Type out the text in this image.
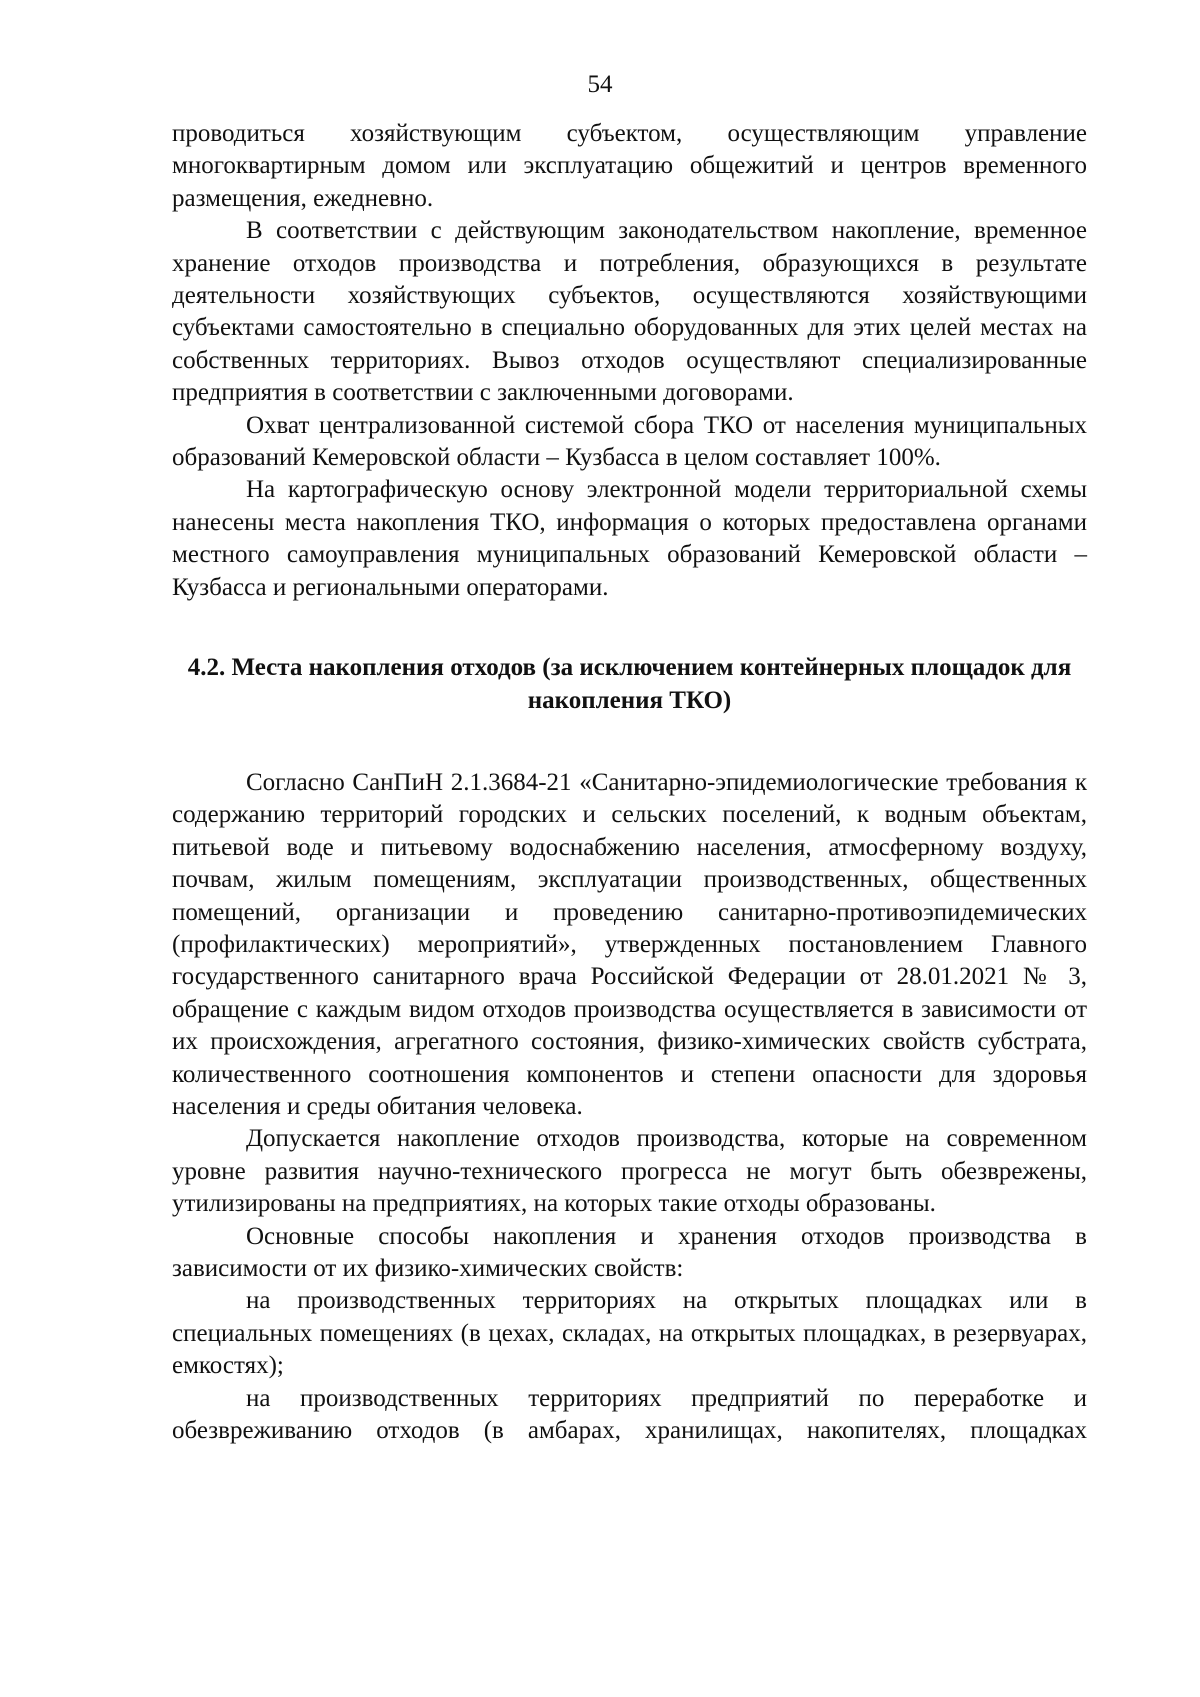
54

проводиться хозяйствующим субъектом, осуществляющим управление многоквартирным домом или эксплуатацию общежитий и центров временного размещения, ежедневно.

В соответствии с действующим законодательством накопление, временное хранение отходов производства и потребления, образующихся в результате деятельности хозяйствующих субъектов, осуществляются хозяйствующими субъектами самостоятельно в специально оборудованных для этих целей местах на собственных территориях. Вывоз отходов осуществляют специализированные предприятия в соответствии с заключенными договорами.

Охват централизованной системой сбора ТКО от населения муниципальных образований Кемеровской области – Кузбасса в целом составляет 100%.

На картографическую основу электронной модели территориальной схемы нанесены места накопления ТКО, информация о которых предоставлена органами местного самоуправления муниципальных образований Кемеровской области – Кузбасса и региональными операторами.

4.2. Места накопления отходов (за исключением контейнерных площадок для накопления ТКО)

Согласно СанПиН 2.1.3684-21 «Санитарно-эпидемиологические требования к содержанию территорий городских и сельских поселений, к водным объектам, питьевой воде и питьевому водоснабжению населения, атмосферному воздуху, почвам, жилым помещениям, эксплуатации производственных, общественных помещений, организации и проведению санитарно-противоэпидемических (профилактических) мероприятий», утвержденных постановлением Главного государственного санитарного врача Российской Федерации от 28.01.2021 № 3, обращение с каждым видом отходов производства осуществляется в зависимости от их происхождения, агрегатного состояния, физико-химических свойств субстрата, количественного соотношения компонентов и степени опасности для здоровья населения и среды обитания человека.

Допускается накопление отходов производства, которые на современном уровне развития научно-технического прогресса не могут быть обезврежены, утилизированы на предприятиях, на которых такие отходы образованы.

Основные способы накопления и хранения отходов производства в зависимости от их физико-химических свойств:

на производственных территориях на открытых площадках или в специальных помещениях (в цехах, складах, на открытых площадках, в резервуарах, емкостях);

на производственных территориях предприятий по переработке и обезвреживанию отходов (в амбарах, хранилищах, накопителях, площадках
